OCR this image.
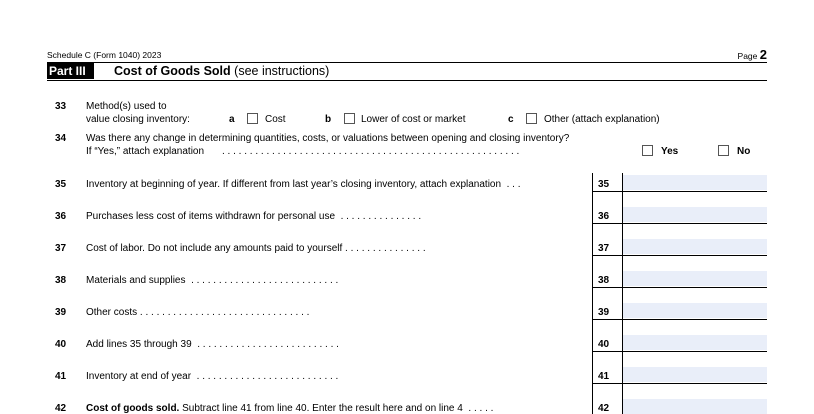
Schedule C (Form 1040) 2023	Page 2
Part III	Cost of Goods Sold (see instructions)
33 Method(s) used to
value closing inventory:	a	Cost	b	Lower of cost or market	c	Other (attach explanation)
34 Was there any change in determining quantities, costs, or valuations between opening and closing inventory?
If “Yes,” attach explanation . . . . . . . . . . . . . . . . . . . . . . . . . . . . . . . . . . . . . . . . . . . . . . . . . . . . . .	Yes	No
35 Inventory at beginning of year. If different from last year’s closing inventory, attach explanation . . .	35
36 Purchases less cost of items withdrawn for personal use . . . . . . . . . . . . . . .	36
37 Cost of labor. Do not include any amounts paid to yourself . . . . . . . . . . . . . . .	37
38 Materials and supplies . . . . . . . . . . . . . . . . . . . . . . . . . . .	38
39 Other costs . . . . . . . . . . . . . . . . . . . . . . . . . . . . . . .	39
40 Add lines 35 through 39 . . . . . . . . . . . . . . . . . . . . . . . . . .	40
41 Inventory at end of year . . . . . . . . . . . . . . . . . . . . . . . . . .	41
42 Cost of goods sold. Subtract line 41 from line 40. Enter the result here and on line 4 . . . . .	42
